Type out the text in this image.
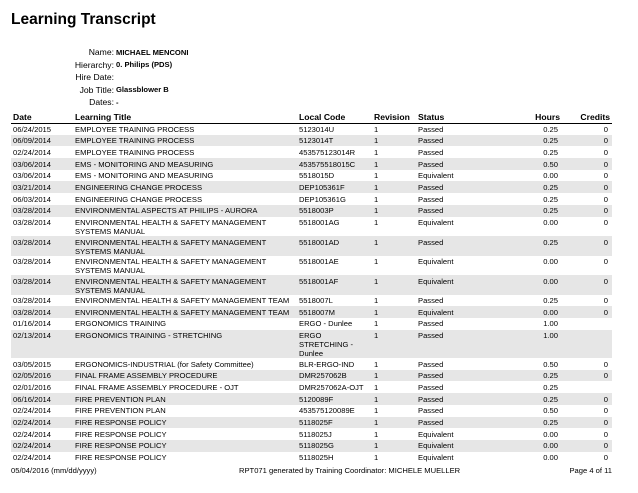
Learning Transcript
Name: MICHAEL MENCONI
Hierarchy: 0. Philips (PDS)
Hire Date:
Job Title: Glassblower B
Dates: -
Date	Learning Title	Local Code	Revision	Status	Hours	Credits
06/24/2015	EMPLOYEE TRAINING PROCESS	5123014U	1	Passed	0.25	0
06/09/2014	EMPLOYEE TRAINING PROCESS	5123014T	1	Passed	0.25	0
02/24/2014	EMPLOYEE TRAINING PROCESS	453575123014R	1	Passed	0.25	0
03/06/2014	EMS - MONITORING AND MEASURING	453575518015C	1	Passed	0.50	0
03/06/2014	EMS - MONITORING AND MEASURING	5518015D	1	Equivalent	0.00	0
03/21/2014	ENGINEERING CHANGE PROCESS	DEP105361F	1	Passed	0.25	0
06/03/2014	ENGINEERING CHANGE PROCESS	DEP105361G	1	Passed	0.25	0
03/28/2014	ENVIRONMENTAL ASPECTS AT PHILIPS - AURORA	5518003P	1	Passed	0.25	0
03/28/2014	ENVIRONMENTAL HEALTH & SAFETY MANAGEMENT SYSTEMS MANUAL	5518001AG	1	Equivalent	0.00	0
03/28/2014	ENVIRONMENTAL HEALTH & SAFETY MANAGEMENT SYSTEMS MANUAL	5518001AD	1	Passed	0.25	0
03/28/2014	ENVIRONMENTAL HEALTH & SAFETY MANAGEMENT SYSTEMS MANUAL	5518001AE	1	Equivalent	0.00	0
03/28/2014	ENVIRONMENTAL HEALTH & SAFETY MANAGEMENT SYSTEMS MANUAL	5518001AF	1	Equivalent	0.00	0
03/28/2014	ENVIRONMENTAL HEALTH & SAFETY MANAGEMENT TEAM	5518007L	1	Passed	0.25	0
03/28/2014	ENVIRONMENTAL HEALTH & SAFETY MANAGEMENT TEAM	5518007M	1	Equivalent	0.00	0
01/16/2014	ERGONOMICS TRAINING	ERGO - Dunlee	1	Passed	1.00	
02/13/2014	ERGONOMICS TRAINING - STRETCHING	ERGO STRETCHING - Dunlee	1	Passed	1.00	
03/05/2015	ERGONOMICS-INDUSTRIAL (for Safety Committee)	BLR-ERGO-IND	1	Passed	0.50	0
02/05/2016	FINAL FRAME ASSEMBLY PROCEDURE	DMR257062B	1	Passed	0.25	0
02/01/2016	FINAL FRAME ASSEMBLY PROCEDURE - OJT	DMR257062A-OJT	1	Passed	0.25	
06/16/2014	FIRE PREVENTION PLAN	5120089F	1	Passed	0.25	0
02/24/2014	FIRE PREVENTION PLAN	453575120089E	1	Passed	0.50	0
02/24/2014	FIRE RESPONSE POLICY	5118025F	1	Passed	0.25	0
02/24/2014	FIRE RESPONSE POLICY	5118025J	1	Equivalent	0.00	0
02/24/2014	FIRE RESPONSE POLICY	5118025G	1	Equivalent	0.00	0
02/24/2014	FIRE RESPONSE POLICY	5118025H	1	Equivalent	0.00	0
05/04/2016 (mm/dd/yyyy)	RPT071 generated by Training Coordinator: MICHELE MUELLER	Page 4 of 11
